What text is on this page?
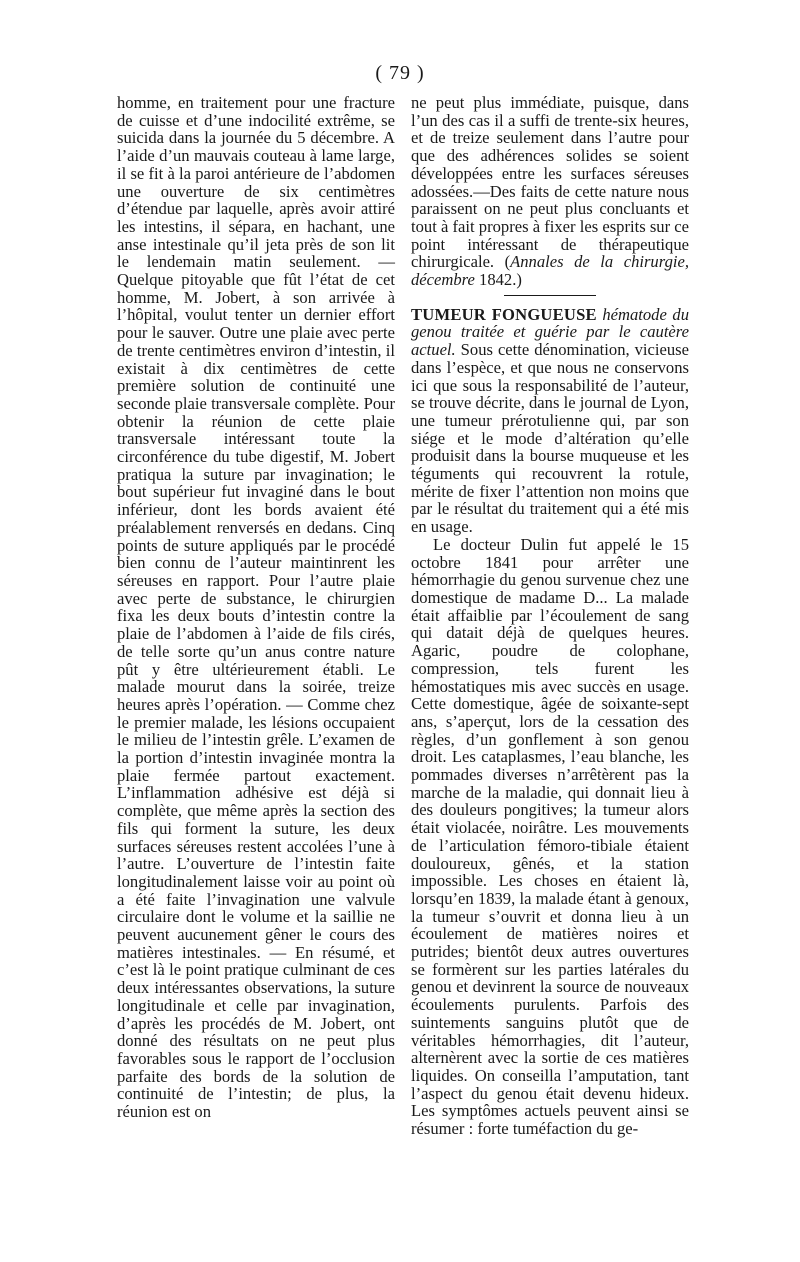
( 79 )

homme, en traitement pour une fracture de cuisse et d’une indocilité extrême, se suicida dans la journée du 5 décembre. A l’aide d’un mauvais couteau à lame large, il se fit à la paroi antérieure de l’abdomen une ouverture de six centimètres d’étendue par laquelle, après avoir attiré les intestins, il sépara, en hachant, une anse intestinale qu’il jeta près de son lit le lendemain matin seulement. — Quelque pitoyable que fût l’état de cet homme, M. Jobert, à son arrivée à l’hôpital, voulut tenter un dernier effort pour le sauver. Outre une plaie avec perte de trente centimètres environ d’intestin, il existait à dix centimètres de cette première solution de continuité une seconde plaie transversale complète. Pour obtenir la réunion de cette plaie transversale intéressant toute la circonférence du tube digestif, M. Jobert pratiqua la suture par invagination; le bout supérieur fut invaginé dans le bout inférieur, dont les bords avaient été préalablement renversés en dedans. Cinq points de suture appliqués par le procédé bien connu de l’auteur maintinrent les séreuses en rapport. Pour l’autre plaie avec perte de substance, le chirurgien fixa les deux bouts d’intestin contre la plaie de l’abdomen à l’aide de fils cirés, de telle sorte qu’un anus contre nature pût y être ultérieurement établi. Le malade mourut dans la soirée, treize heures après l’opération. — Comme chez le premier malade, les lésions occupaient le milieu de l’intestin grêle. L’examen de la portion d’intestin invaginée montra la plaie fermée partout exactement. L’inflammation adhésive est déjà si complète, que même après la section des fils qui forment la suture, les deux surfaces séreuses restent accolées l’une à l’autre. L’ouverture de l’intestin faite longitudinalement laisse voir au point où a été faite l’invagination une valvule circulaire dont le volume et la saillie ne peuvent aucunement gêner le cours des matières intestinales. — En résumé, et c’est là le point pratique culminant de ces deux intéressantes observations, la suture longitudinale et celle par invagination, d’après les procédés de M. Jobert, ont donné des résultats on ne peut plus favorables sous le rapport de l’occlusion parfaite des bords de la solution de continuité de l’intestin; de plus, la réunion est on

ne peut plus immédiate, puisque, dans l’un des cas il a suffi de trente-six heures, et de treize seulement dans l’autre pour que des adhérences solides se soient développées entre les surfaces séreuses adossées.—Des faits de cette nature nous paraissent on ne peut plus concluants et tout à fait propres à fixer les esprits sur ce point intéressant de thérapeutique chirurgicale. (Annales de la chirurgie, décembre 1842.)

TUMEUR FONGUEUSE hématode du genou traitée et guérie par le cautère actuel. Sous cette dénomination, vicieuse dans l’espèce, et que nous ne conservons ici que sous la responsabilité de l’auteur, se trouve décrite, dans le journal de Lyon, une tumeur prérotulienne qui, par son siége et le mode d’altération qu’elle produisit dans la bourse muqueuse et les téguments qui recouvrent la rotule, mérite de fixer l’attention non moins que par le résultat du traitement qui a été mis en usage.

Le docteur Dulin fut appelé le 15 octobre 1841 pour arrêter une hémorrhagie du genou survenue chez une domestique de madame D... La malade était affaiblie par l’écoulement de sang qui datait déjà de quelques heures. Agaric, poudre de colophane, compression, tels furent les hémostatiques mis avec succès en usage. Cette domestique, âgée de soixante-sept ans, s’aperçut, lors de la cessation des règles, d’un gonflement à son genou droit. Les cataplasmes, l’eau blanche, les pommades diverses n’arrêtèrent pas la marche de la maladie, qui donnait lieu à des douleurs pongitives; la tumeur alors était violacée, noirâtre. Les mouvements de l’articulation fémoro-tibiale étaient douloureux, gênés, et la station impossible. Les choses en étaient là, lorsqu’en 1839, la malade étant à genoux, la tumeur s’ouvrit et donna lieu à un écoulement de matières noires et putrides; bientôt deux autres ouvertures se formèrent sur les parties latérales du genou et devinrent la source de nouveaux écoulements purulents. Parfois des suintements sanguins plutôt que de véritables hémorrhagies, dit l’auteur, alternèrent avec la sortie de ces matières liquides. On conseilla l’amputation, tant l’aspect du genou était devenu hideux. Les symptômes actuels peuvent ainsi se résumer : forte tuméfaction du ge-
